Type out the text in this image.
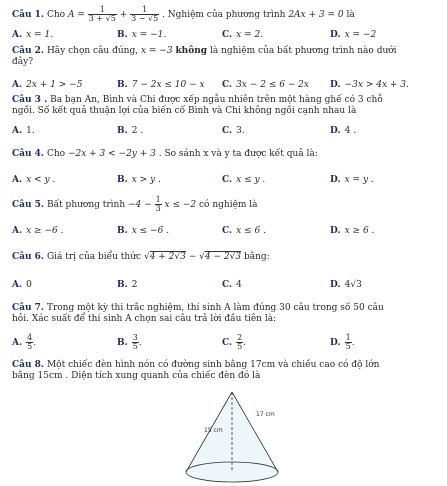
Câu 1. Cho $A = \frac{1}{3 + √5} + \frac{1}{3 - √5}$ . Nghiệm của phương trình 2Ax + 3 = 0 là
A. x = 1.	B. x = −1.	C. x = 2.	D. x = −2
Câu 2. Hãy chọn câu đúng, x = −3 không là nghiệm của bất phương trình nào dưới
đây?
A. 2x + 1 > −5	B. 7 − 2x ≤ 10 − x C. 3x − 2 ≤ 6 − 2x D. −3x > 4x + 3.
Câu 3 . Ba bạn An, Bình và Chi được xếp ngẫu nhiên trên một hàng ghế có 3 chỗ
ngồi. Số kết quả thuận lợi của biến cố Bình và Chi không ngồi cạnh nhau là
A. 1.	B. 2 .	C. 3.	D. 4 .
Câu 4. Cho −2x + 3 < −2y + 3 . So sánh x và y ta được kết quả là:
A. x < y .	B. x > y .	C. x ≤ y .	D. x = y .
Câu 5. Bất phương trình $-4 - \frac{1}{3}$ x ≤ −2 có nghiệm là
A. x ≥ −6 .	B. x ≤ −6 .	C. x ≤ 6 .	D. x ≥ 6 .
Câu 6. Giá trị của biểu thức √4 + 2√3 − √4 − 2√3 bằng:
A. 0	B. 2	C. 4	D. 4√3
Câu 7. Trong một kỳ thi trắc nghiệm, thí sinh A làm đúng 30 câu trong số 50 câu
hỏi. Xác suất để thí sinh A chọn sai câu trả lời đầu tiên là:
A. $\frac{4}{5}$ .	B. $\frac{3}{5}$ .	C. $\frac{2}{5}$ .	D. $\frac{1}{5}$ .
Câu 8. Một chiếc đèn hình nón có đường sinh bằng 17cm và chiều cao có độ lớn
bằng 15cm . Diện tích xung quanh của chiếc đèn đó là
15 cm
17 cm
